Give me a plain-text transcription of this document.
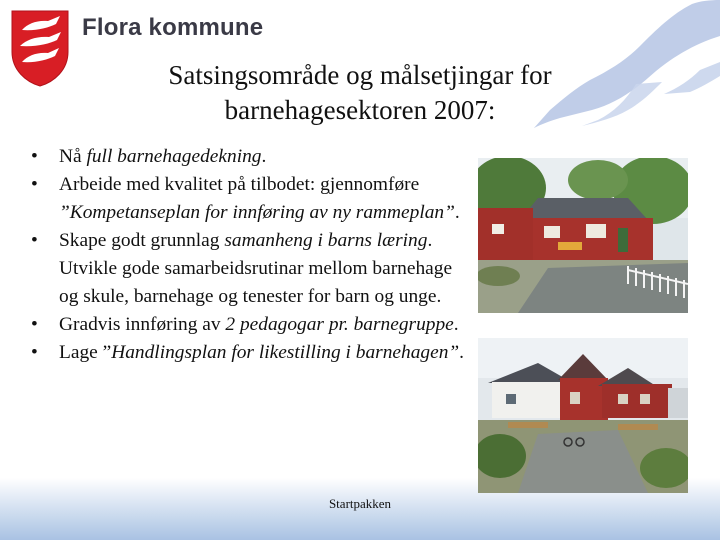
Flora kommune
Satsingsområde og målsetjingar for
barnehagesektoren 2007:
• Nå full barnehagedekning.
• Arbeide med kvalitet på tilbodet: gjennomføre ”Kompetanseplan for innføring av ny rammeplan”.
• Skape godt grunnlag samanheng i barns læring. Utvikle gode samarbeidsrutinar mellom barnehage og skule, barnehage og tenester for barn og unge.
• Gradvis innføring av 2 pedagogar pr. barnegruppe.
• Lage ”Handlingsplan for likestilling i barnehagen”.
Startpakken
